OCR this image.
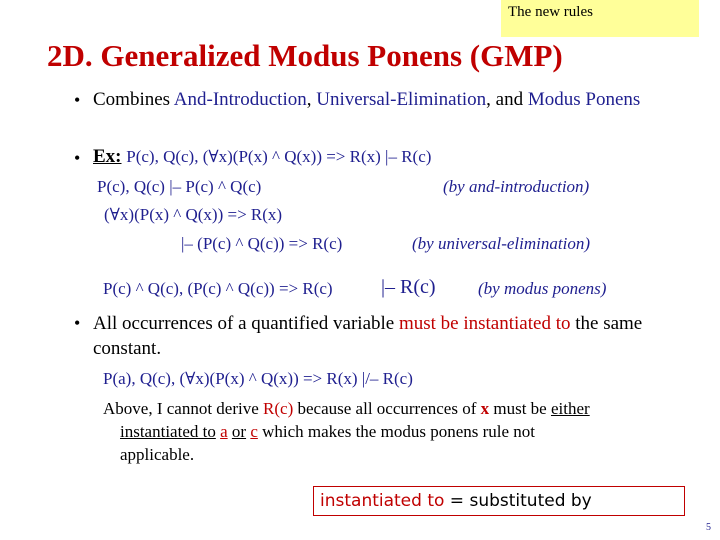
The new rules
2D. Generalized Modus Ponens (GMP)
• Combines And-Introduction, Universal-Elimination, and Modus Ponens
• Ex: P(c), Q(c), (∀x)(P(x) ^ Q(x)) => R(x) |– R(c)
P(c), Q(c) |– P(c) ^ Q(c)	(by and-introduction)
(∀x)(P(x) ^ Q(x)) => R(x)
|– (P(c) ^ Q(c)) => R(c)	(by universal-elimination)
P(c) ^ Q(c), (P(c) ^ Q(c)) => R(c) |– R(c) (by modus ponens)
• All occurrences of a quantified variable must be instantiated to the same constant.
P(a), Q(c), (∀x)(P(x) ^ Q(x)) => R(x) |/– R(c)
Above, I cannot derive R(c) because all occurrences of x must be either
instantiated to a or c which makes the modus ponens rule not
applicable.
instantiated to = substituted by
5
